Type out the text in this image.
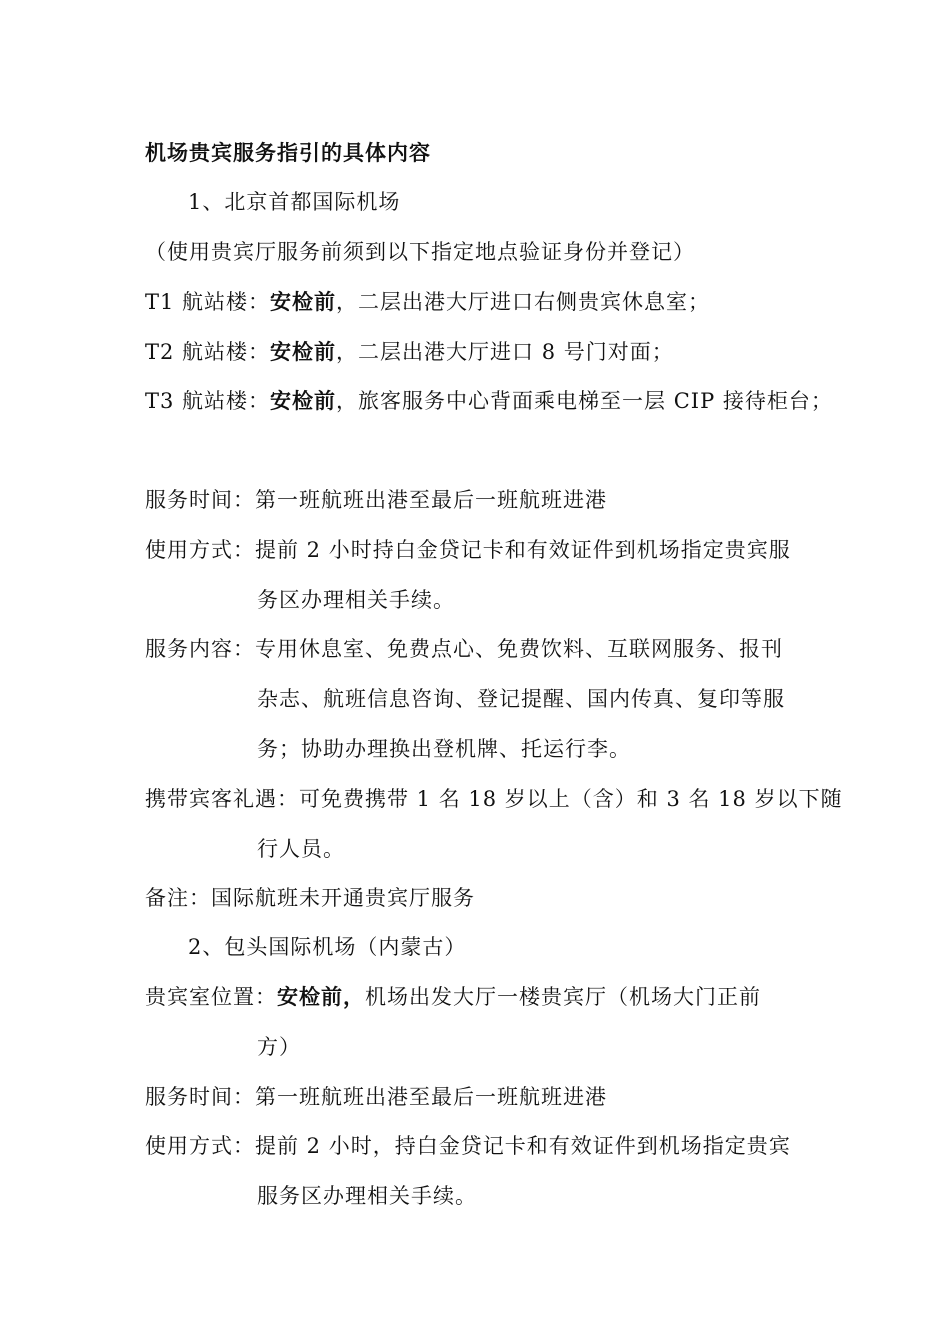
机场贵宾服务指引的具体内容
1、北京首都国际机场
（使用贵宾厅服务前须到以下指定地点验证身份并登记）
T1 航站楼：安检前，二层出港大厅进口右侧贵宾休息室；
T2 航站楼：安检前，二层出港大厅进口 8 号门对面；
T3 航站楼：安检前，旅客服务中心背面乘电梯至一层 CIP 接待柜台；
服务时间：第一班航班出港至最后一班航班进港
使用方式：提前 2 小时持白金贷记卡和有效证件到机场指定贵宾服
务区办理相关手续。
服务内容：专用休息室、免费点心、免费饮料、互联网服务、报刊
杂志、航班信息咨询、登记提醒、国内传真、复印等服
务；协助办理换出登机牌、托运行李。
携带宾客礼遇：可免费携带 1 名 18 岁以上（含）和 3 名 18 岁以下随
行人员。
备注：国际航班未开通贵宾厅服务
2、包头国际机场（内蒙古）
贵宾室位置：安检前，机场出发大厅一楼贵宾厅（机场大门正前
方）
服务时间：第一班航班出港至最后一班航班进港
使用方式：提前 2 小时，持白金贷记卡和有效证件到机场指定贵宾
服务区办理相关手续。
